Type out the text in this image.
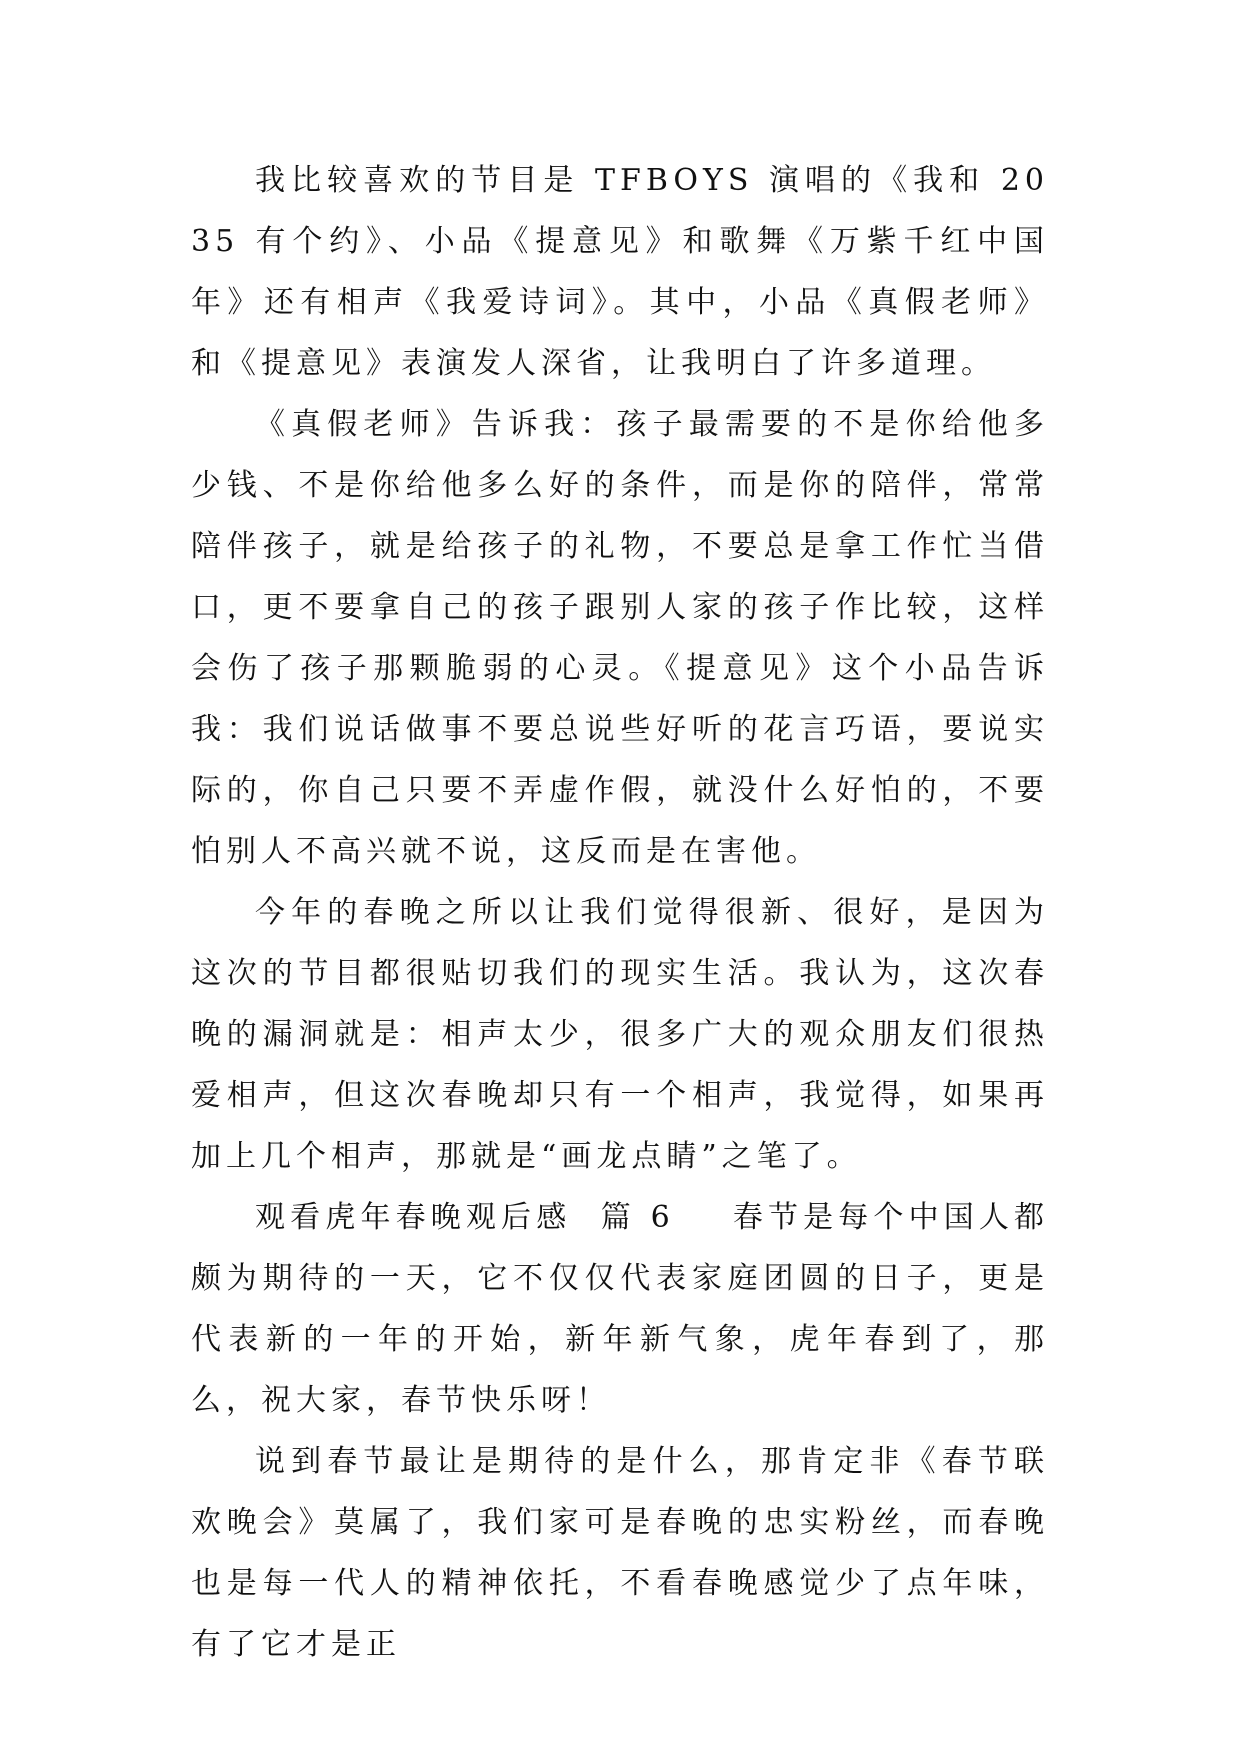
我比较喜欢的节目是 TFBOYS 演唱的《我和 2035 有个约》、小品《提意见》和歌舞《万紫千红中国年》还有相声《我爱诗词》。其中，小品《真假老师》和《提意见》表演发人深省，让我明白了许多道理。

《真假老师》告诉我：孩子最需要的不是你给他多少钱、不是你给他多么好的条件，而是你的陪伴，常常陪伴孩子，就是给孩子的礼物，不要总是拿工作忙当借口，更不要拿自己的孩子跟别人家的孩子作比较，这样会伤了孩子那颗脆弱的心灵。《提意见》这个小品告诉我：我们说话做事不要总说些好听的花言巧语，要说实际的，你自己只要不弄虚作假，就没什么好怕的，不要怕别人不高兴就不说，这反而是在害他。

今年的春晚之所以让我们觉得很新、很好，是因为这次的节目都很贴切我们的现实生活。我认为，这次春晚的漏洞就是：相声太少，很多广大的观众朋友们很热爱相声，但这次春晚却只有一个相声，我觉得，如果再加上几个相声，那就是“画龙点睛”之笔了。

观看虎年春晚观后感 篇 6 春节是每个中国人都颇为期待的一天，它不仅仅代表家庭团圆的日子，更是代表新的一年的开始，新年新气象，虎年春到了，那么，祝大家，春节快乐呀！

说到春节最让是期待的是什么，那肯定非《春节联欢晚会》莫属了，我们家可是春晚的忠实粉丝，而春晚也是每一代人的精神依托，不看春晚感觉少了点年味，有了它才是正
